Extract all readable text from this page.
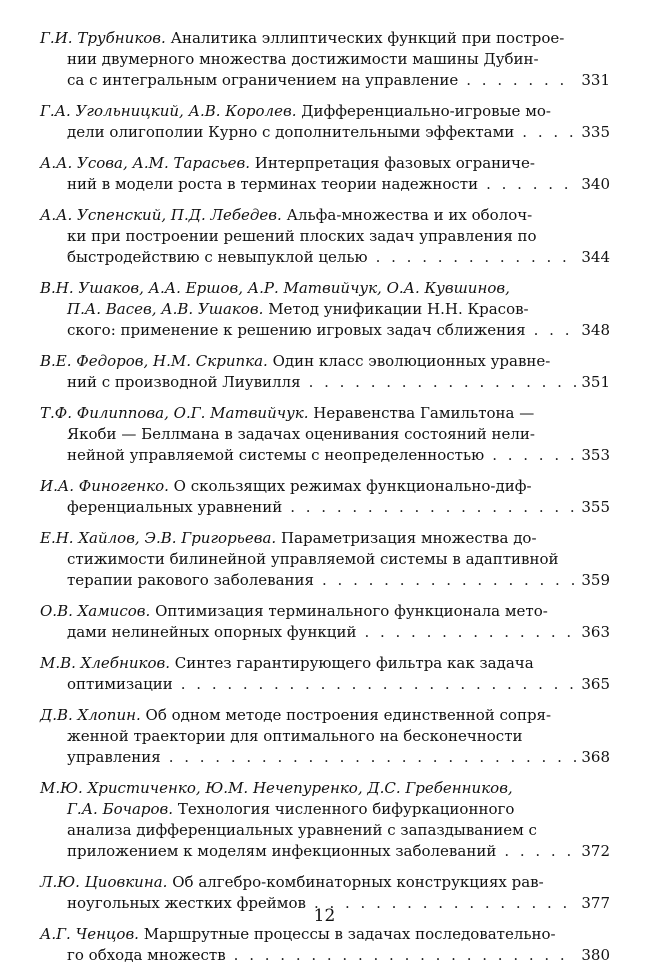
Г.И. Трубников. Аналитика эллиптических функций при построе-
нии двумерного множества достижимости машины Дубин-
са с интегральным ограничением на управление . . .	331
Г.А. Угольницкий, А.В. Королев. Дифференциально-игровые мо-
дели олигополии Курно с дополнительными эффектами . . .	335
А.А. Усова, А.М. Тарасьев. Интерпретация фазовых ограниче-
ний в модели роста в терминах теории надежности . . .	340
А.А. Успенский, П.Д. Лебедев. Альфа-множества и их оболоч-
ки при построении решений плоских задач управления по
быстродействию с невыпуклой целью . . .	344
В.Н. Ушаков, А.А. Ершов, А.Р. Матвийчук, О.А. Кувшинов,
П.А. Васев, А.В. Ушаков. Метод унификации Н.Н. Красов-
ского: применение к решению игровых задач сближения . . .	348
В.Е. Федоров, Н.М. Скрипка. Один класс эволюционных уравне-
ний с производной Лиувилля . . .	351
Т.Ф. Филиппова, О.Г. Матвийчук. Неравенства Гамильтона —
Якоби — Беллмана в задачах оценивания состояний нели-
нейной управляемой системы с неопределенностью . . .	353
И.А. Финогенко. О скользящих режимах функционально-диф-
ференциальных уравнений . . .	355
Е.Н. Хайлов, Э.В. Григорьева. Параметризация множества до-
стижимости билинейной управляемой системы в адаптивной
терапии ракового заболевания . . .	359
О.В. Хамисов. Оптимизация терминального функционала мето-
дами нелинейных опорных функций . . .	363
М.В. Хлебников. Синтез гарантирующего фильтра как задача
оптимизации . . .	365
Д.В. Хлопин. Об одном методе построения единственной сопря-
женной траектории для оптимального на бесконечности
управления . . .	368
М.Ю. Христиченко, Ю.М. Нечепуренко, Д.С. Гребенников,
Г.А. Бочаров. Технология численного бифуркационного
анализа дифференциальных уравнений с запаздыванием с
приложением к моделям инфекционных заболеваний . . .	372
Л.Ю. Циовкина. Об алгебро-комбинаторных конструкциях рав-
ноугольных жестких фреймов . . .	377
А.Г. Ченцов. Маршрутные процессы в задачах последовательно-
го обхода множеств . . .	380
12
